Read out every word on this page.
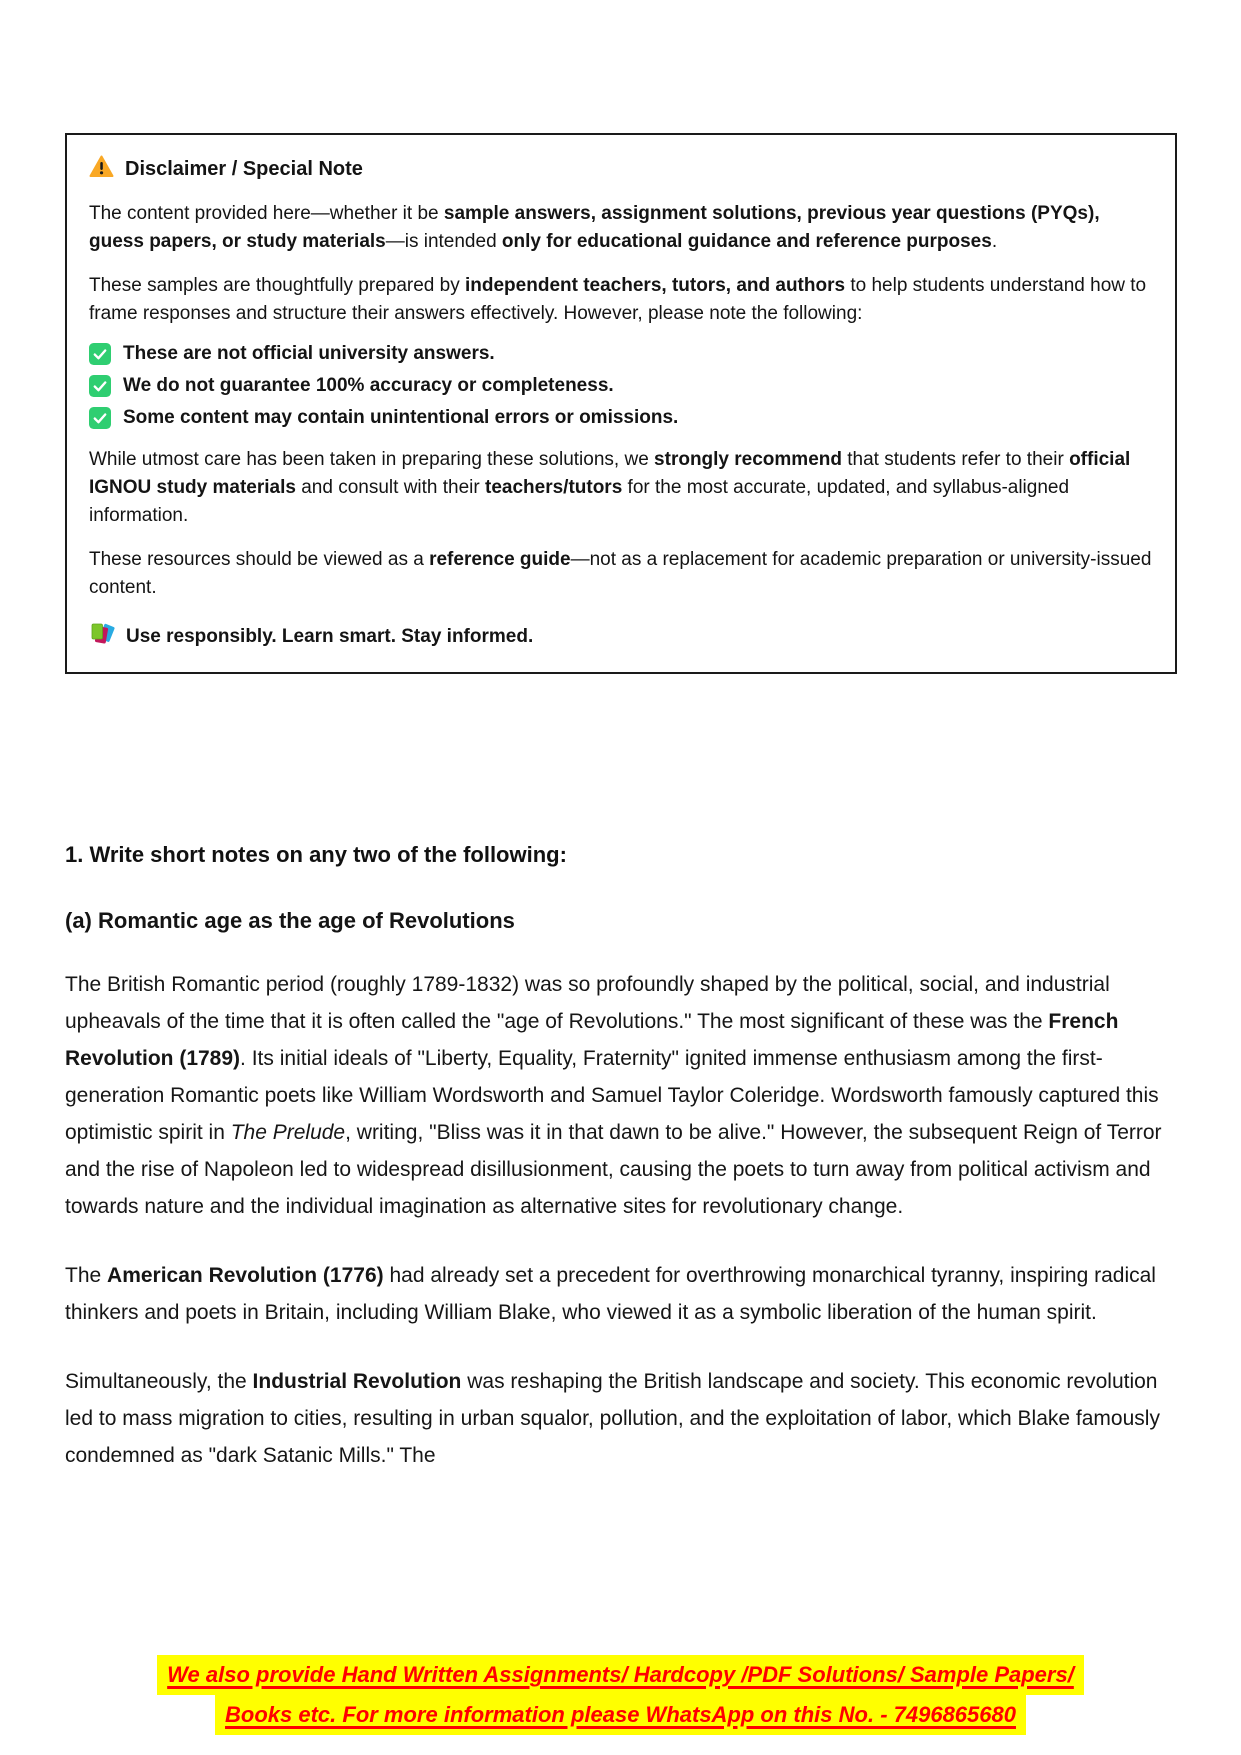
Disclaimer / Special Note

The content provided here—whether it be sample answers, assignment solutions, previous year questions (PYQs), guess papers, or study materials—is intended only for educational guidance and reference purposes.

These samples are thoughtfully prepared by independent teachers, tutors, and authors to help students understand how to frame responses and structure their answers effectively. However, please note the following:

These are not official university answers.
We do not guarantee 100% accuracy or completeness.
Some content may contain unintentional errors or omissions.

While utmost care has been taken in preparing these solutions, we strongly recommend that students refer to their official IGNOU study materials and consult with their teachers/tutors for the most accurate, updated, and syllabus-aligned information.

These resources should be viewed as a reference guide—not as a replacement for academic preparation or university-issued content.

Use responsibly. Learn smart. Stay informed.
1. Write short notes on any two of the following:
(a) Romantic age as the age of Revolutions

The British Romantic period (roughly 1789-1832) was so profoundly shaped by the political, social, and industrial upheavals of the time that it is often called the "age of Revolutions." The most significant of these was the French Revolution (1789). Its initial ideals of "Liberty, Equality, Fraternity" ignited immense enthusiasm among the first-generation Romantic poets like William Wordsworth and Samuel Taylor Coleridge. Wordsworth famously captured this optimistic spirit in The Prelude, writing, "Bliss was it in that dawn to be alive." However, the subsequent Reign of Terror and the rise of Napoleon led to widespread disillusionment, causing the poets to turn away from political activism and towards nature and the individual imagination as alternative sites for revolutionary change.

The American Revolution (1776) had already set a precedent for overthrowing monarchical tyranny, inspiring radical thinkers and poets in Britain, including William Blake, who viewed it as a symbolic liberation of the human spirit.

Simultaneously, the Industrial Revolution was reshaping the British landscape and society. This economic revolution led to mass migration to cities, resulting in urban squalor, pollution, and the exploitation of labor, which Blake famously condemned as "dark Satanic Mills." The

We also provide Hand Written Assignments/ Hardcopy /PDF Solutions/ Sample Papers/
Books etc. For more information please WhatsApp on this No. - 7496865680
